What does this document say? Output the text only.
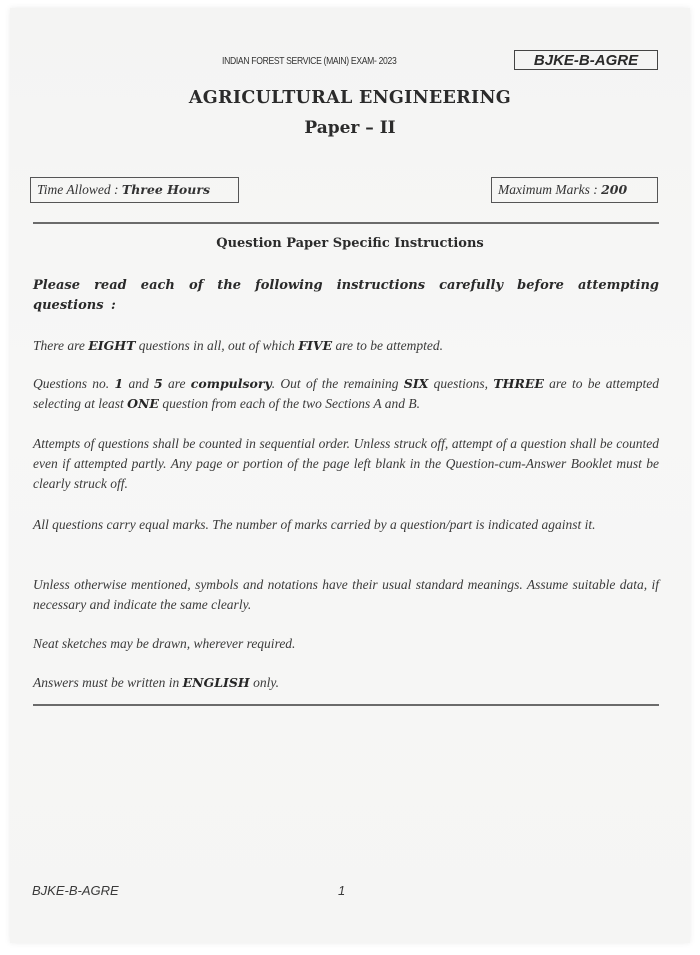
INDIAN FOREST SERVICE (MAIN) EXAM- 2023	BJKE-B-AGRE
AGRICULTURAL ENGINEERING
Paper – II
Time Allowed : Three Hours	Maximum Marks : 200
Question Paper Specific Instructions
Please read each of the following instructions carefully before attempting questions :
There are EIGHT questions in all, out of which FIVE are to be attempted.
Questions no. 1 and 5 are compulsory. Out of the remaining SIX questions, THREE are to be attempted selecting at least ONE question from each of the two Sections A and B.
Attempts of questions shall be counted in sequential order. Unless struck off, attempt of a question shall be counted even if attempted partly. Any page or portion of the page left blank in the Question-cum-Answer Booklet must be clearly struck off.
All questions carry equal marks. The number of marks carried by a question/part is indicated against it.
Unless otherwise mentioned, symbols and notations have their usual standard meanings. Assume suitable data, if necessary and indicate the same clearly.
Neat sketches may be drawn, wherever required.
Answers must be written in ENGLISH only.
BJKE-B-AGRE	1
